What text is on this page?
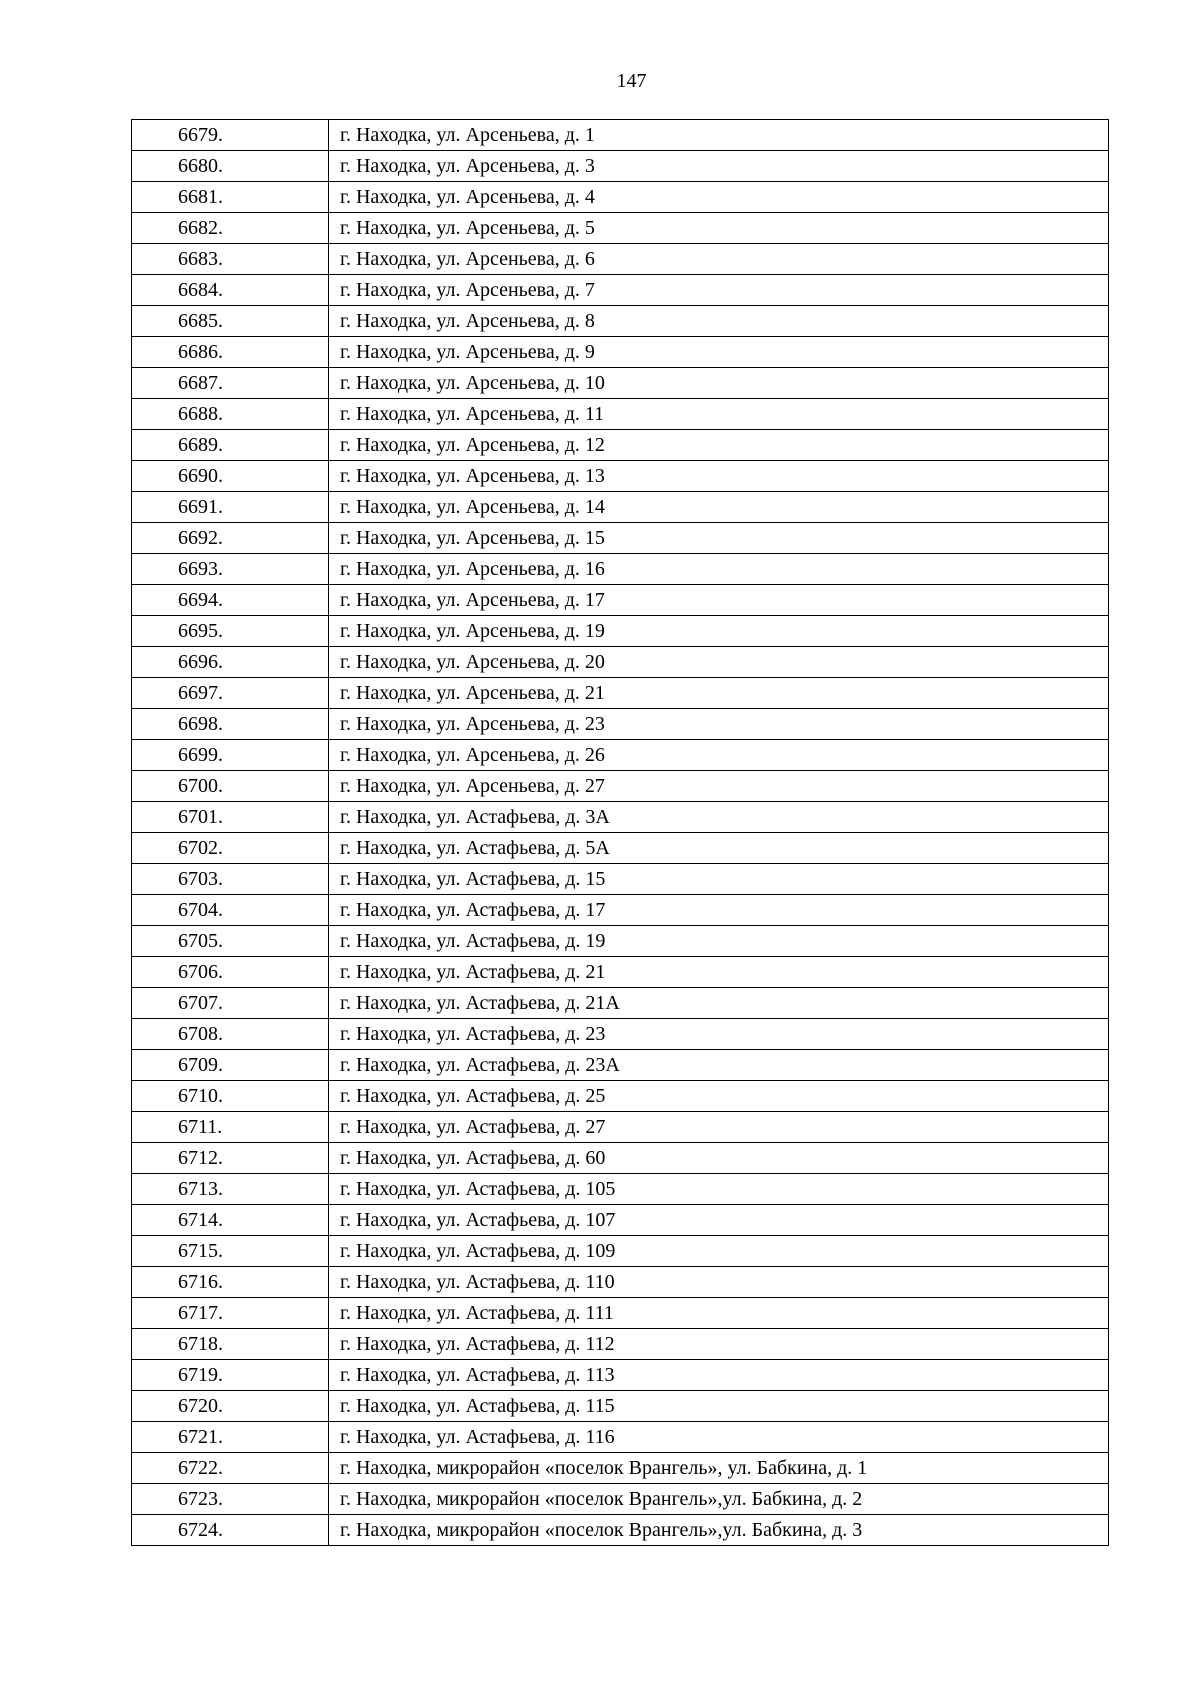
147
6679.	г. Находка, ул. Арсеньева, д. 1
6680.	г. Находка, ул. Арсеньева, д. 3
6681.	г. Находка, ул. Арсеньева, д. 4
6682.	г. Находка, ул. Арсеньева, д. 5
6683.	г. Находка, ул. Арсеньева, д. 6
6684.	г. Находка, ул. Арсеньева, д. 7
6685.	г. Находка, ул. Арсеньева, д. 8
6686.	г. Находка, ул. Арсеньева, д. 9
6687.	г. Находка, ул. Арсеньева, д. 10
6688.	г. Находка, ул. Арсеньева, д. 11
6689.	г. Находка, ул. Арсеньева, д. 12
6690.	г. Находка, ул. Арсеньева, д. 13
6691.	г. Находка, ул. Арсеньева, д. 14
6692.	г. Находка, ул. Арсеньева, д. 15
6693.	г. Находка, ул. Арсеньева, д. 16
6694.	г. Находка, ул. Арсеньева, д. 17
6695.	г. Находка, ул. Арсеньева, д. 19
6696.	г. Находка, ул. Арсеньева, д. 20
6697.	г. Находка, ул. Арсеньева, д. 21
6698.	г. Находка, ул. Арсеньева, д. 23
6699.	г. Находка, ул. Арсеньева, д. 26
6700.	г. Находка, ул. Арсеньева, д. 27
6701.	г. Находка, ул. Астафьева, д. 3А
6702.	г. Находка, ул. Астафьева, д. 5А
6703.	г. Находка, ул. Астафьева, д. 15
6704.	г. Находка, ул. Астафьева, д. 17
6705.	г. Находка, ул. Астафьева, д. 19
6706.	г. Находка, ул. Астафьева, д. 21
6707.	г. Находка, ул. Астафьева, д. 21А
6708.	г. Находка, ул. Астафьева, д. 23
6709.	г. Находка, ул. Астафьева, д. 23А
6710.	г. Находка, ул. Астафьева, д. 25
6711.	г. Находка, ул. Астафьева, д. 27
6712.	г. Находка, ул. Астафьева, д. 60
6713.	г. Находка, ул. Астафьева, д. 105
6714.	г. Находка, ул. Астафьева, д. 107
6715.	г. Находка, ул. Астафьева, д. 109
6716.	г. Находка, ул. Астафьева, д. 110
6717.	г. Находка, ул. Астафьева, д. 111
6718.	г. Находка, ул. Астафьева, д. 112
6719.	г. Находка, ул. Астафьева, д. 113
6720.	г. Находка, ул. Астафьева, д. 115
6721.	г. Находка, ул. Астафьева, д. 116
6722.	г. Находка, микрорайон «поселок Врангель», ул. Бабкина, д. 1
6723.	г. Находка, микрорайон «поселок Врангель»,ул. Бабкина, д. 2
6724.	г. Находка, микрорайон «поселок Врангель»,ул. Бабкина, д. 3
